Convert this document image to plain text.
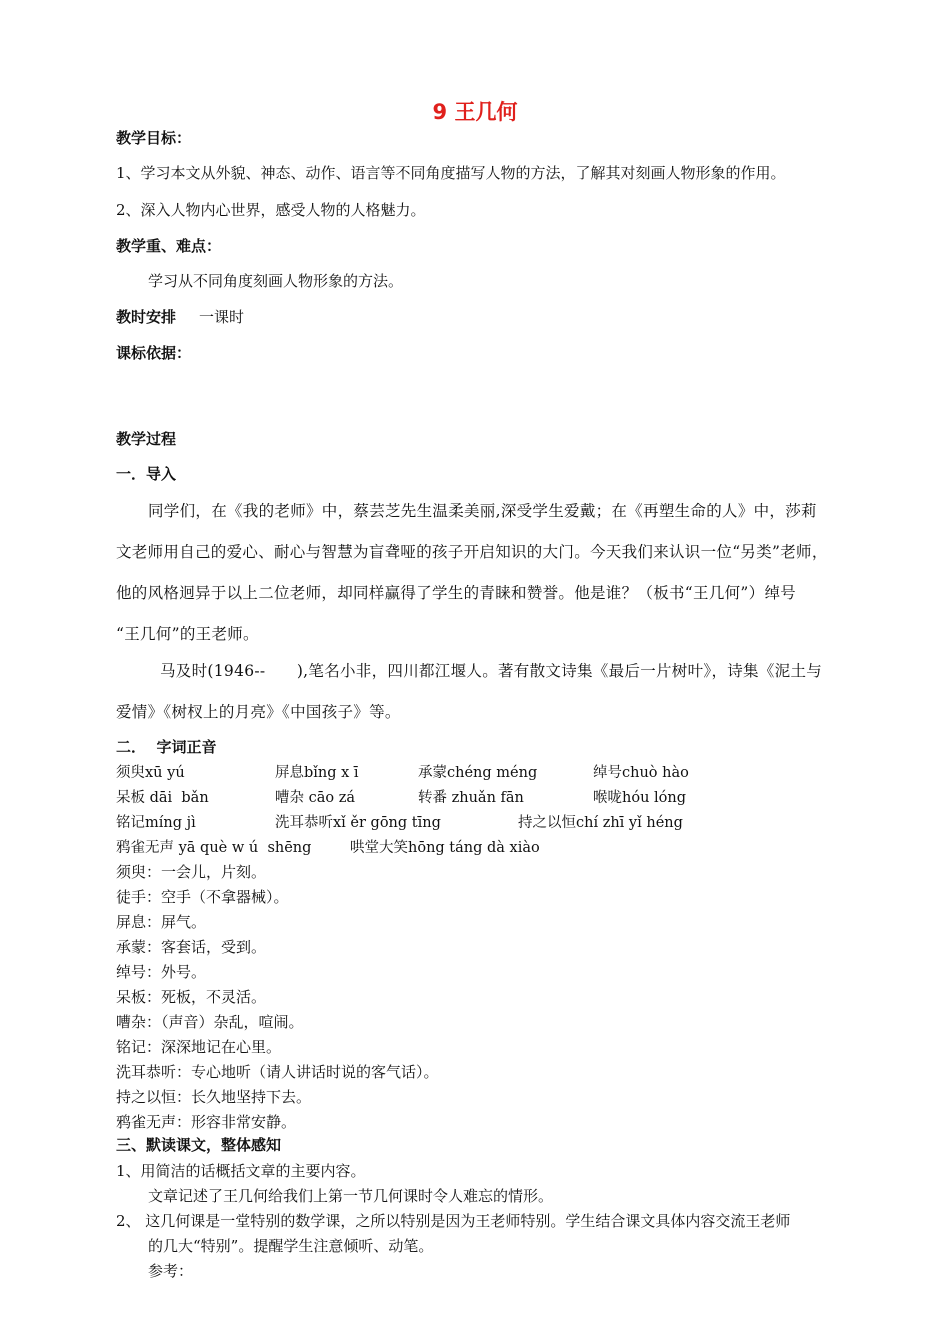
9 王几何
教学目标：
1、学习本文从外貌、神态、动作、语言等不同角度描写人物的方法，了解其对刻画人物形象的作用。
2、深入人物内心世界，感受人物的人格魅力。
教学重、难点：
学习从不同角度刻画人物形象的方法。
教时安排 一课时
课标依据：
教学过程
一．导入
同学们，在《我的老师》中，蔡芸芝先生温柔美丽,深受学生爱戴；在《再塑生命的人》中，莎莉
文老师用自己的爱心、耐心与智慧为盲聋哑的孩子开启知识的大门。今天我们来认识一位“另类”老师，
他的风格迥异于以上二位老师，却同样赢得了学生的青睐和赞誉。他是谁？（板书“王几何”）绰号
“王几何”的王老师。
马及时(1946--      ),笔名小非，四川都江堰人。著有散文诗集《最后一片树叶》，诗集《泥土与
爱情》《树杈上的月亮》《中国孩子》等。
二．  字词正音
须臾xū yú	屏息bǐng x ī	承蒙chéng méng	绰号chuò hào
呆板 dāi  bǎn	嘈杂 cāo zá	转番 zhuǎn fān	喉咙hóu lóng
铭记míng jì	洗耳恭听xǐ ěr gōng tīng	持之以恒chí zhī yǐ héng
鸦雀无声 yā què w ú  shēng	哄堂大笑hōng táng dà xiào
须臾：一会儿，片刻。
徒手：空手（不拿器械）。
屏息：屏气。
承蒙：客套话，受到。
绰号：外号。
呆板：死板，不灵活。
嘈杂：（声音）杂乱，喧闹。
铭记：深深地记在心里。
洗耳恭听：专心地听（请人讲话时说的客气话）。
持之以恒：长久地坚持下去。
鸦雀无声：形容非常安静。
三、默读课文，整体感知
1、用简洁的话概括文章的主要内容。
文章记述了王几何给我们上第一节几何课时令人难忘的情形。
2、 这几何课是一堂特别的数学课，之所以特别是因为王老师特别。学生结合课文具体内容交流王老师
的几大“特别”。提醒学生注意倾听、动笔。
参考：
